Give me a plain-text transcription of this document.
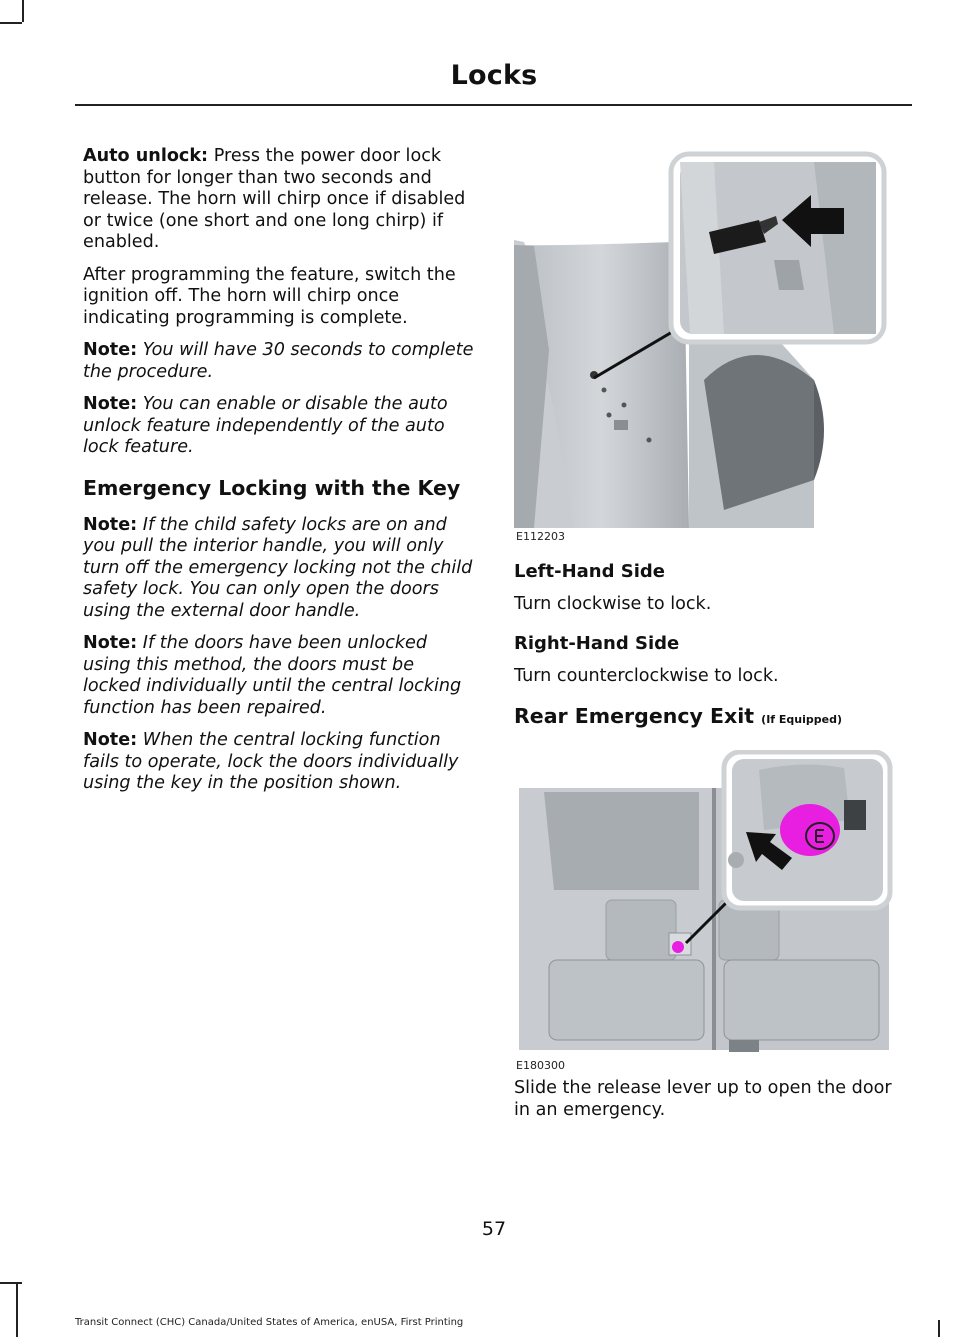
Locks

Auto unlock: Press the power door lock button for longer than two seconds and release. The horn will chirp once if disabled or twice (one short and one long chirp) if enabled.

After programming the feature, switch the ignition off. The horn will chirp once indicating programming is complete.

Note: You will have 30 seconds to complete the procedure.

Note: You can enable or disable the auto unlock feature independently of the auto lock feature.

Emergency Locking with the Key

Note: If the child safety locks are on and you pull the interior handle, you will only turn off the emergency locking not the child safety lock. You can only open the doors using the external door handle.

Note: If the doors have been unlocked using this method, the doors must be locked individually until the central locking function has been repaired.

Note: When the central locking function fails to operate, lock the doors individually using the key in the position shown.

E112203
Left-Hand Side

Turn clockwise to lock.

Right-Hand Side

Turn counterclockwise to lock.

Rear Emergency Exit (If Equipped)
E180300

Slide the release lever up to open the door in an emergency.

57
Transit Connect (CHC) Canada/United States of America, enUSA, First Printing
